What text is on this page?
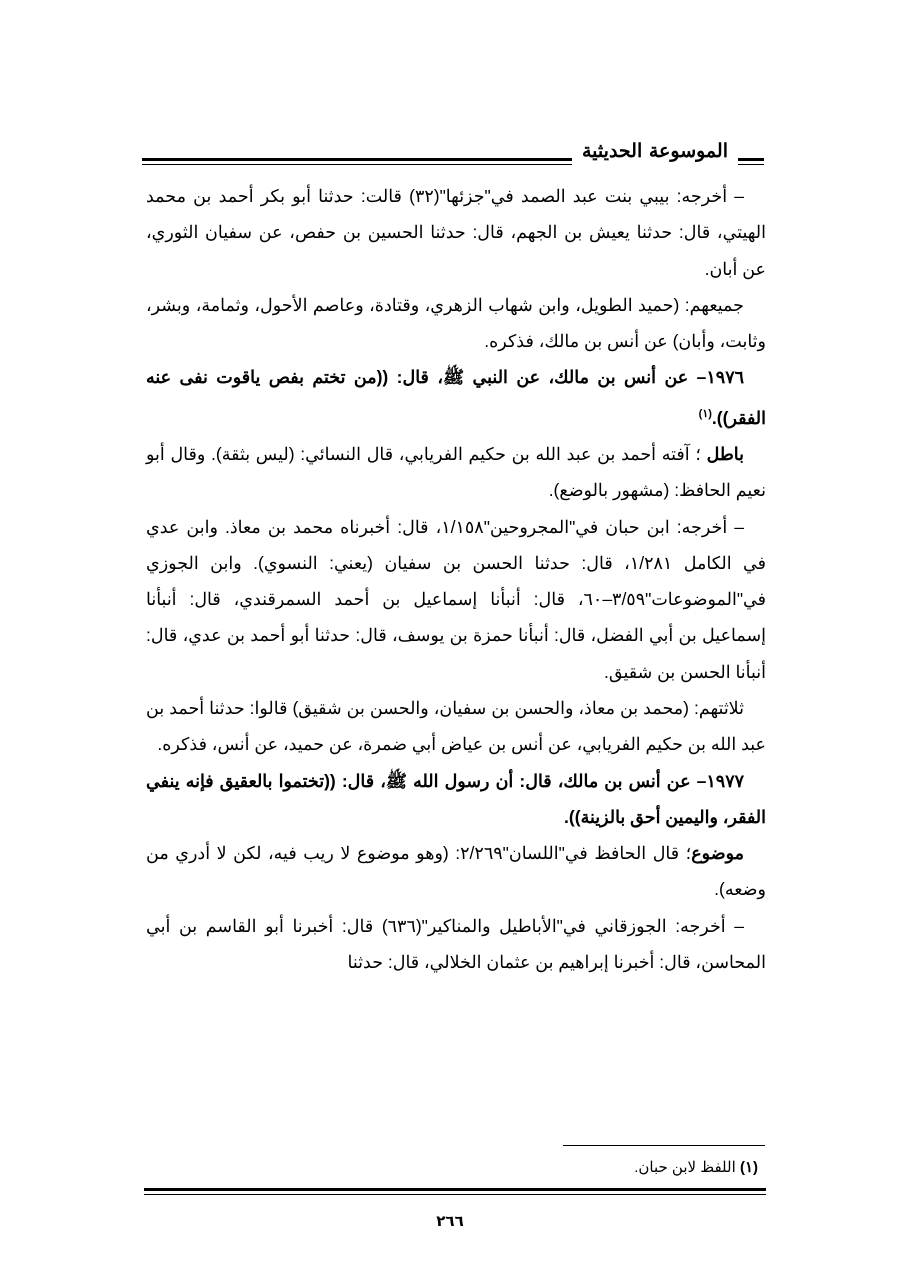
الموسوعة الحديثية

– أخرجه: بيبي بنت عبد الصمد في"جزئها"(٣٢) قالت: حدثنا أبو بكر أحمد بن محمد الهيتي، قال: حدثنا يعيش بن الجهم، قال: حدثنا الحسين بن حفص، عن سفيان الثوري، عن أبان.

جميعهم: (حميد الطويل، وابن شهاب الزهري، وقتادة، وعاصم الأحول، وثمامة، وبشر، وثابت، وأبان) عن أنس بن مالك، فذكره.

١٩٧٦– عن أنس بن مالك، عن النبي ﷺ، قال: ((من تختم بفص ياقوت نفى عنه الفقر)).$^{(١)}$

باطل ؛ آفته أحمد بن عبد الله بن حكيم الفريابي، قال النسائي: (ليس بثقة). وقال أبو نعيم الحافظ: (مشهور بالوضع).

– أخرجه: ابن حبان في"المجروحين"١/١٥٨، قال: أخبرناه محمد بن معاذ. وابن عدي في الكامل ١/٢٨١، قال: حدثنا الحسن بن سفيان (يعني: النسوي). وابن الجوزي في"الموضوعات"٣/٥٩–٦٠، قال: أنبأنا إسماعيل بن أحمد السمرقندي، قال: أنبأنا إسماعيل بن أبي الفضل، قال: أنبأنا حمزة بن يوسف، قال: حدثنا أبو أحمد بن عدي، قال: أنبأنا الحسن بن شقيق.

ثلاثتهم: (محمد بن معاذ، والحسن بن سفيان، والحسن بن شقيق) قالوا: حدثنا أحمد بن عبد الله بن حكيم الفريابي، عن أنس بن عياض أبي ضمرة، عن حميد، عن أنس، فذكره.

١٩٧٧– عن أنس بن مالك، قال: أن رسول الله ﷺ، قال: ((تختموا بالعقيق فإنه ينفي الفقر، واليمين أحق بالزينة)).

موضوع؛ قال الحافظ في"اللسان"٢/٢٦٩: (وهو موضوع لا ريب فيه، لكن لا أدري من وضعه).

– أخرجه: الجوزقاني في"الأباطيل والمناكير"(٦٣٦) قال: أخبرنا أبو القاسم بن أبي المحاسن، قال: أخبرنا إبراهيم بن عثمان الخلالي، قال: حدثنا

(١) اللفظ لابن حبان.
٢٦٦
